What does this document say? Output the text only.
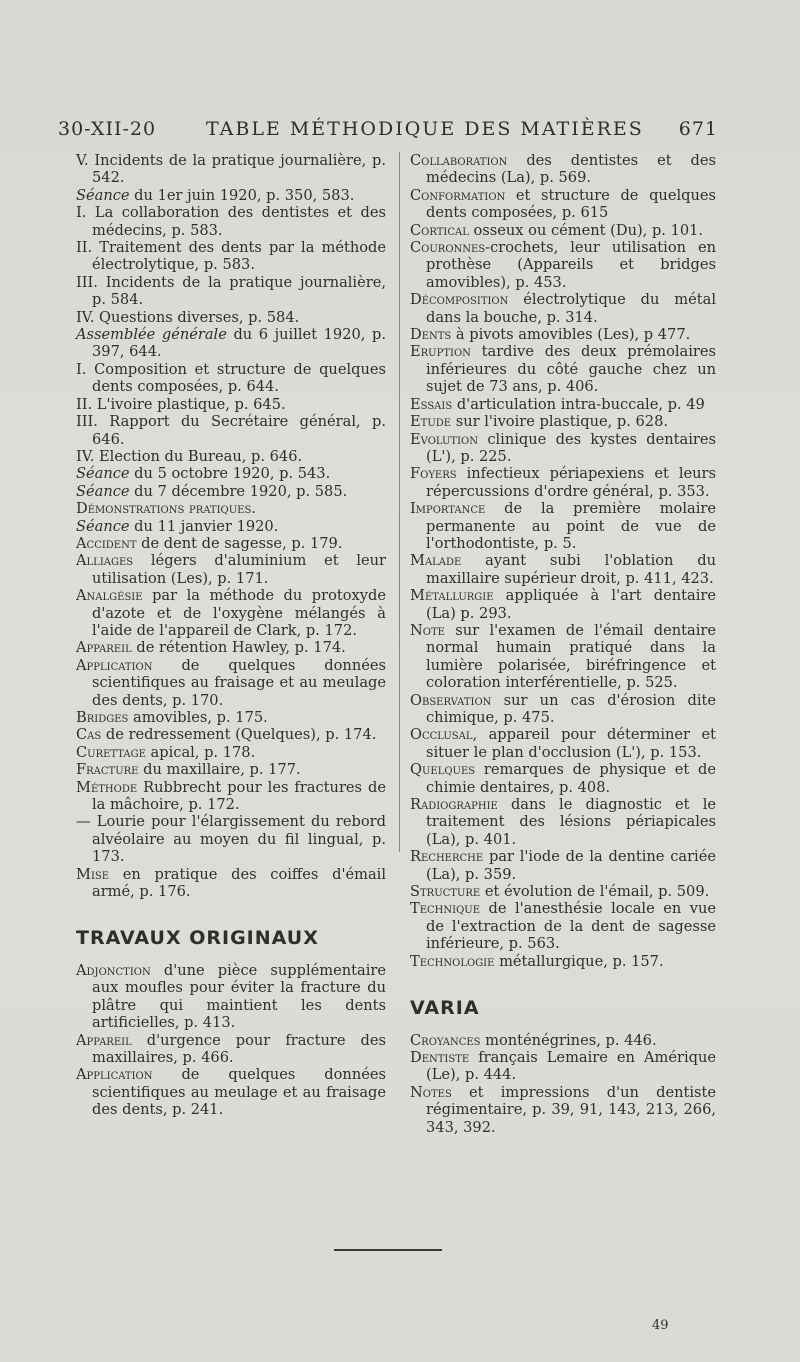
30-XII-20	TABLE MÉTHODIQUE DES MATIÈRES 671
V. Incidents de la pratique journalière, p. 542.
Séance du 1er juin 1920, p. 350, 583.
I. La collaboration des dentistes et des médecins, p. 583.
II. Traitement des dents par la méthode électrolytique, p. 583.
III. Incidents de la pratique journalière, p. 584.
IV. Questions diverses, p. 584.
Assemblée générale du 6 juillet 1920, p. 397, 644.
I. Composition et structure de quelques dents composées, p. 644.
II. L'ivoire plastique, p. 645.
III. Rapport du Secrétaire général, p. 646.
IV. Election du Bureau, p. 646.
Séance du 5 octobre 1920, p. 543.
Séance du 7 décembre 1920, p. 585.
Démonstrations pratiques.
Séance du 11 janvier 1920.
Accident de dent de sagesse, p. 179.
Alliages légers d'aluminium et leur utilisation (Les), p. 171.
Analgésie par la méthode du protoxyde d'azote et de l'oxygène mélangés à l'aide de l'appareil de Clark, p. 172.
Appareil de rétention Hawley, p. 174.
Application de quelques données scientifiques au fraisage et au meulage des dents, p. 170.
Bridges amovibles, p. 175.
Cas de redressement (Quelques), p. 174.
Curettage apical, p. 178.
Fracture du maxillaire, p. 177.
Méthode Rubbrecht pour les fractures de la mâchoire, p. 172.
— Lourie pour l'élargissement du rebord alvéolaire au moyen du fil lingual, p. 173.
Mise en pratique des coiffes d'émail armé, p. 176.
TRAVAUX ORIGINAUX
Adjonction d'une pièce supplémentaire aux moufles pour éviter la fracture du plâtre qui maintient les dents artificielles, p. 413.
Appareil d'urgence pour fracture des maxillaires, p. 466.
Application de quelques données scientifiques au meulage et au fraisage des dents, p. 241.
Collaboration des dentistes et des médecins (La), p. 569.
Conformation et structure de quelques dents composées, p. 615
Cortical osseux ou cément (Du), p. 101.
Couronnes-crochets, leur utilisation en prothèse (Appareils et bridges amovibles), p. 453.
Décomposition électrolytique du métal dans la bouche, p. 314.
Dents à pivots amovibles (Les), p 477.
Eruption tardive des deux prémolaires inférieures du côté gauche chez un sujet de 73 ans, p. 406.
Essais d'articulation intra-buccale, p. 49
Etude sur l'ivoire plastique, p. 628.
Evolution clinique des kystes dentaires (L'), p. 225.
Foyers infectieux périapexiens et leurs répercussions d'ordre général, p. 353.
Importance de la première molaire permanente au point de vue de l'orthodontiste, p. 5.
Malade ayant subi l'oblation du maxillaire supérieur droit, p. 411, 423.
Métallurgie appliquée à l'art dentaire (La) p. 293.
Note sur l'examen de l'émail dentaire normal humain pratiqué dans la lumière polarisée, biréfringence et coloration interférentielle, p. 525.
Observation sur un cas d'érosion dite chimique, p. 475.
Occlusal, appareil pour déterminer et situer le plan d'occlusion (L'), p. 153.
Quelques remarques de physique et de chimie dentaires, p. 408.
Radiographie dans le diagnostic et le traitement des lésions périapicales (La), p. 401.
Recherche par l'iode de la dentine cariée (La), p. 359.
Structure et évolution de l'émail, p. 509.
Technique de l'anesthésie locale en vue de l'extraction de la dent de sagesse inférieure, p. 563.
Technologie métallurgique, p. 157.
VARIA
Croyances monténégrines, p. 446.
Dentiste français Lemaire en Amérique (Le), p. 444.
Notes et impressions d'un dentiste régimentaire, p. 39, 91, 143, 213, 266, 343, 392.
49
